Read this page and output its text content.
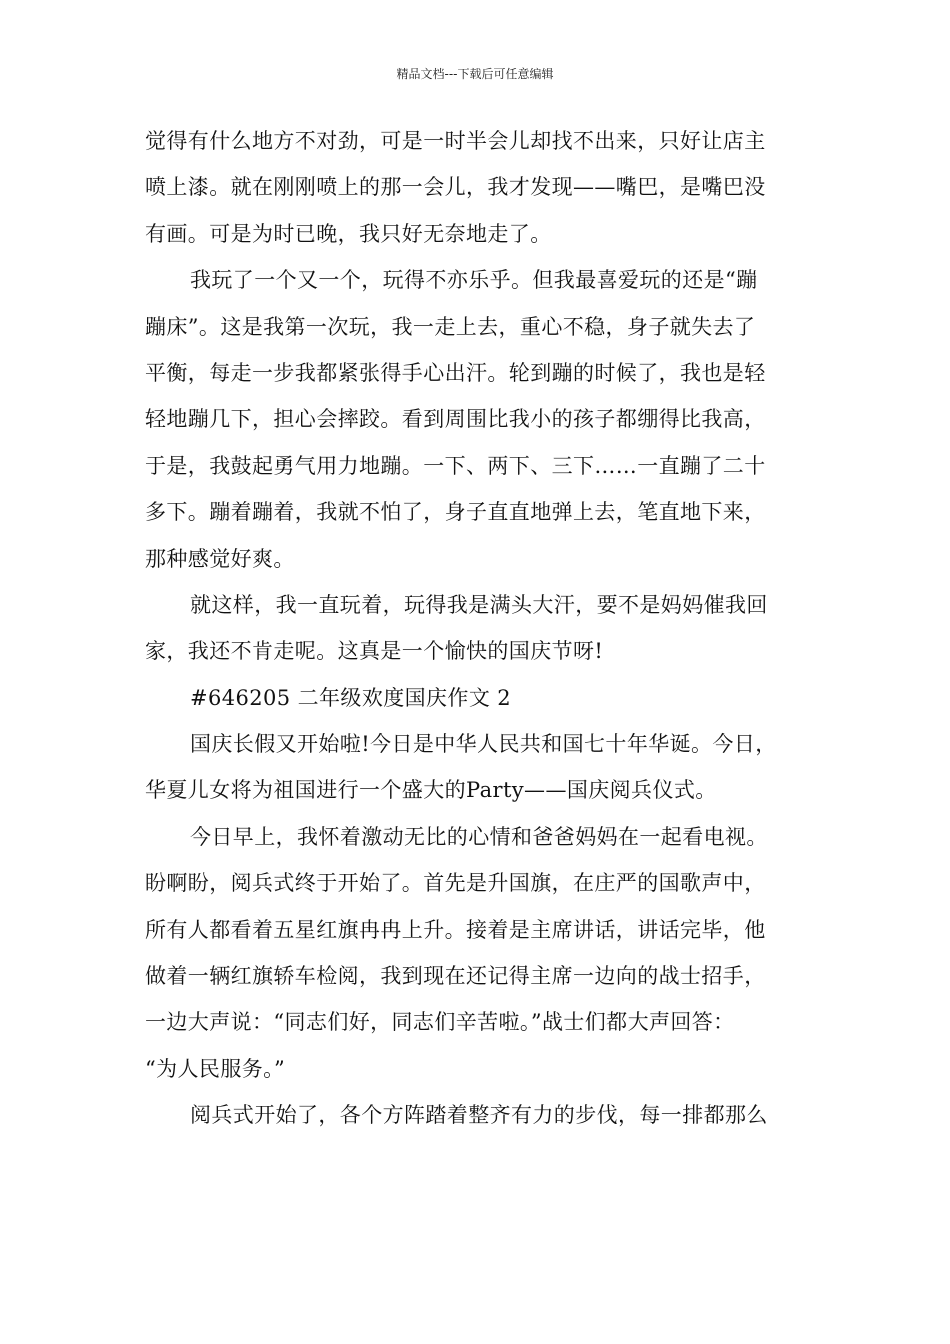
精品文档---下载后可任意编辑
觉得有什么地方不对劲，可是一时半会儿却找不出来，只好让店主
喷上漆。就在刚刚喷上的那一会儿，我才发现——嘴巴，是嘴巴没
有画。可是为时已晚，我只好无奈地走了。
我玩了一个又一个，玩得不亦乐乎。但我最喜爱玩的还是“蹦
蹦床”。这是我第一次玩，我一走上去，重心不稳，身子就失去了
平衡，每走一步我都紧张得手心出汗。轮到蹦的时候了，我也是轻
轻地蹦几下，担心会摔跤。看到周围比我小的孩子都绷得比我高，
于是，我鼓起勇气用力地蹦。一下、两下、三下……一直蹦了二十
多下。蹦着蹦着，我就不怕了，身子直直地弹上去，笔直地下来，
那种感觉好爽。
就这样，我一直玩着，玩得我是满头大汗，要不是妈妈催我回
家，我还不肯走呢。这真是一个愉快的国庆节呀!
#646205 二年级欢度国庆作文 2
国庆长假又开始啦!今日是中华人民共和国七十年华诞。今日，
华夏儿女将为祖国进行一个盛大的Party——国庆阅兵仪式。
今日早上，我怀着激动无比的心情和爸爸妈妈在一起看电视。
盼啊盼，阅兵式终于开始了。首先是升国旗，在庄严的国歌声中，
所有人都看着五星红旗冉冉上升。接着是主席讲话，讲话完毕，他
做着一辆红旗轿车检阅，我到现在还记得主席一边向的战士招手，
一边大声说：“同志们好，同志们辛苦啦。”战士们都大声回答：
“为人民服务。”
阅兵式开始了，各个方阵踏着整齐有力的步伐，每一排都那么
